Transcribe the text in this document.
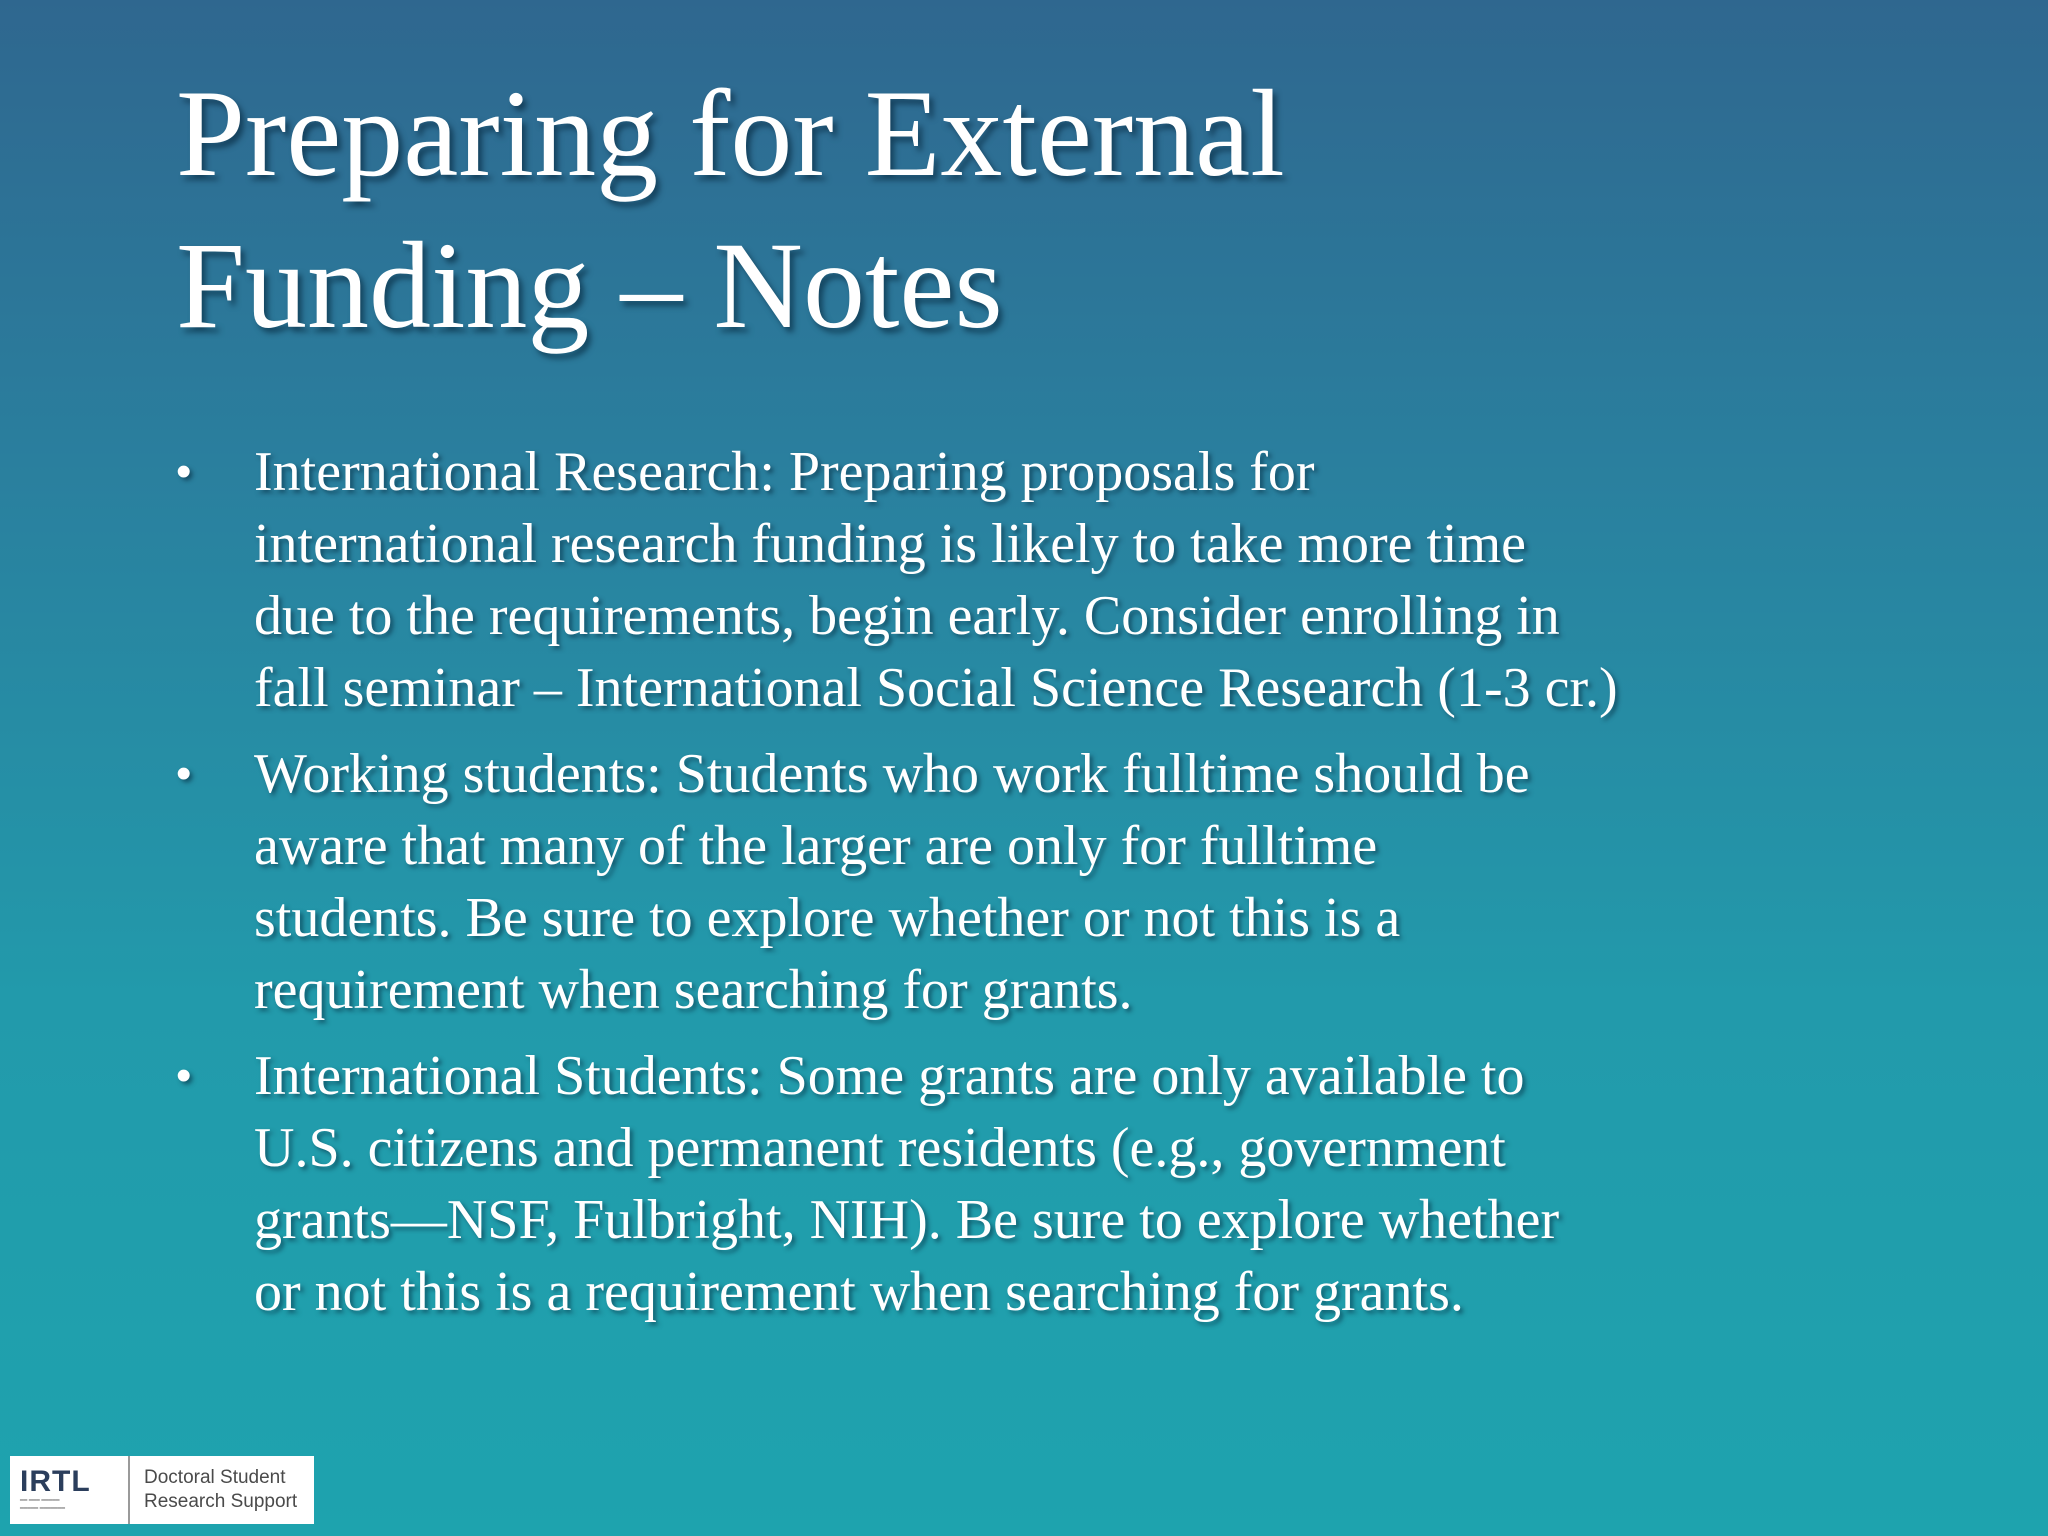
Preparing for External
Funding – Notes
•	International Research: Preparing proposals for
international research funding is likely to take more time
due to the requirements, begin early. Consider enrolling in
fall seminar – International Social Science Research (1-3 cr.)
•	Working students: Students who work fulltime should be
aware that many of the larger are only for fulltime
students. Be sure to explore whether or not this is a
requirement when searching for grants.
•	International Students: Some grants are only available to
U.S. citizens and permanent residents (e.g., government
grants—NSF, Fulbright, NIH). Be sure to explore whether
or not this is a requirement when searching for grants.
IRTL
━━ ━━━ ━━━━━
━━━━━ ━━━━━━━
Doctoral Student
Research Support
